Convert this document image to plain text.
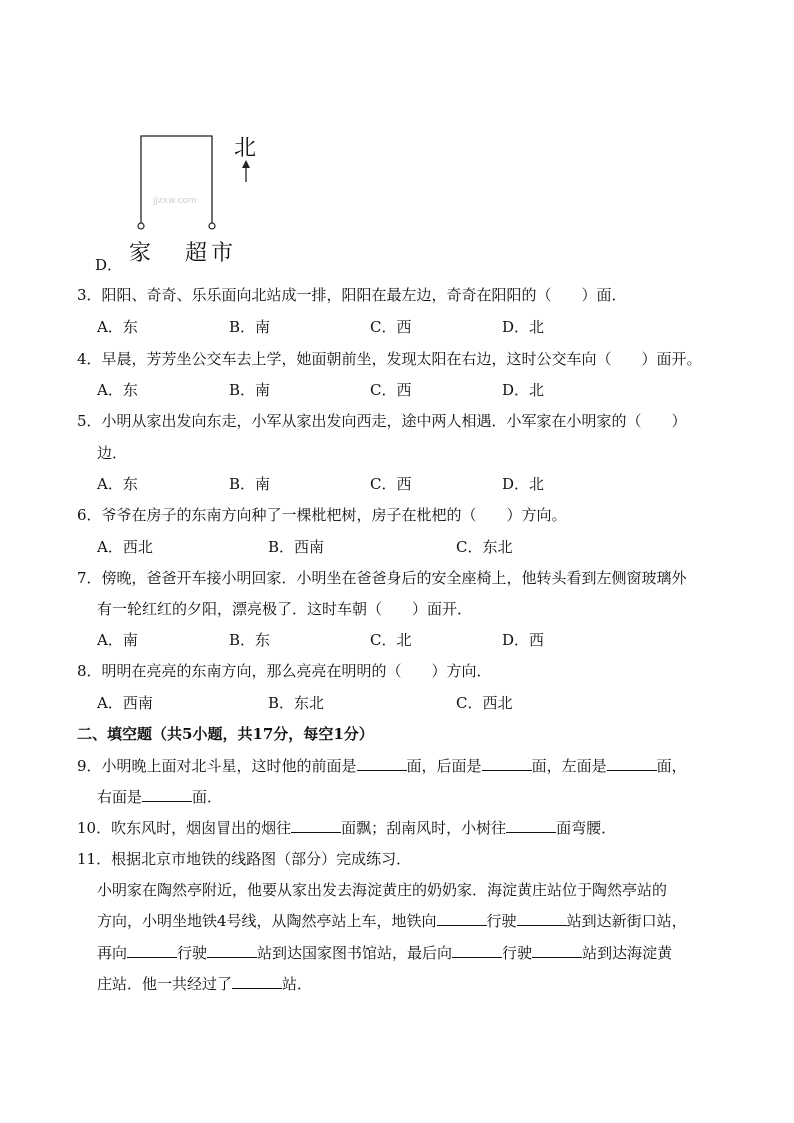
北
jjzxw.com
家 超市
D．
3．阳阳、奇奇、乐乐面向北站成一排，阳阳在最左边，奇奇在阳阳的（　　）面．
A．东	B．南	C．西	D．北
4．早晨，芳芳坐公交车去上学，她面朝前坐，发现太阳在右边，这时公交车向（　　）面开。
A．东	B．南	C．西	D．北
5．小明从家出发向东走，小军从家出发向西走，途中两人相遇．小军家在小明家的（　　）
边．
A．东	B．南	C．西	D．北
6．爷爷在房子的东南方向种了一棵枇杷树，房子在枇杷的（　　）方向。
A．西北	B．西南	C．东北
7．傍晚，爸爸开车接小明回家．小明坐在爸爸身后的安全座椅上，他转头看到左侧窗玻璃外
有一轮红红的夕阳，漂亮极了．这时车朝（　　）面开．
A．南	B．东	C．北	D．西
8．明明在亮亮的东南方向，那么亮亮在明明的（　　）方向．
A．西南	B．东北	C．西北
二、填空题（共5小题，共17分，每空1分）
9．小明晚上面对北斗星，这时他的前面是	面，后面是	面，左面是	面，
右面是	面．
10．吹东风时，烟囱冒出的烟往	面飘；刮南风时，小树往	面弯腰．
11．根据北京市地铁的线路图（部分）完成练习．
小明家在陶然亭附近，他要从家出发去海淀黄庄的奶奶家．海淀黄庄站位于陶然亭站的
方向，小明坐地铁4号线，从陶然亭站上车，地铁向	行驶	站到达新街口站，
再向	行驶	站到达国家图书馆站，最后向	行驶	站到达海淀黄
庄站．他一共经过了	站．
